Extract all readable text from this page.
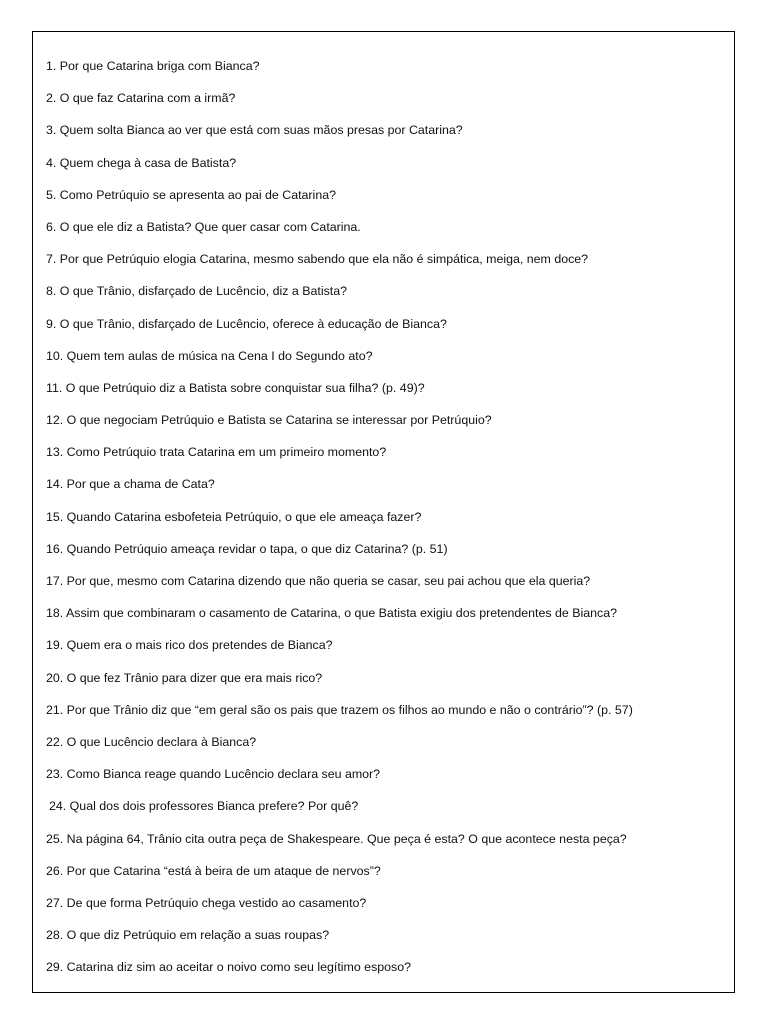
1. Por que Catarina briga com Bianca?
2. O que faz Catarina com a irmã?
3. Quem solta Bianca ao ver que está com suas mãos presas por Catarina?
4. Quem chega à casa de Batista?
5. Como Petrúquio se apresenta ao pai de Catarina?
6. O que ele diz a Batista? Que quer casar com Catarina.
7. Por que Petrúquio elogia Catarina, mesmo sabendo que ela não é simpática, meiga, nem doce?
8. O que Trânio, disfarçado de Lucêncio, diz a Batista?
9. O que Trânio, disfarçado de Lucêncio, oferece à educação de Bianca?
10. Quem tem aulas de música na Cena I do Segundo ato?
11. O que Petrúquio diz a Batista sobre conquistar sua filha? (p. 49)?
12. O que negociam Petrúquio e Batista se Catarina se interessar por Petrúquio?
13. Como Petrúquio trata Catarina em um primeiro momento?
14. Por que a chama de Cata?
15. Quando Catarina esbofeteia Petrúquio, o que ele ameaça fazer?
16. Quando Petrúquio ameaça revidar o tapa, o que diz Catarina? (p. 51)
17. Por que, mesmo com Catarina dizendo que não queria se casar, seu pai achou que ela queria?
18. Assim que combinaram o casamento de Catarina, o que Batista exigiu dos pretendentes de Bianca?
19. Quem era o mais rico dos pretendes de Bianca?
20. O que fez Trânio para dizer que era mais rico?
21. Por que Trânio diz que “em geral são os pais que trazem os filhos ao mundo e não o contrário”? (p. 57)
22. O que Lucêncio declara à Bianca?
23. Como Bianca reage quando Lucêncio declara seu amor?
24. Qual dos dois professores Bianca prefere? Por quê?
25. Na página 64, Trânio cita outra peça de Shakespeare. Que peça é esta? O que acontece nesta peça?
26. Por que Catarina “está à beira de um ataque de nervos”?
27. De que forma Petrúquio chega vestido ao casamento?
28. O que diz Petrúquio em relação a suas roupas?
29. Catarina diz sim ao aceitar o noivo como seu legítimo esposo?
